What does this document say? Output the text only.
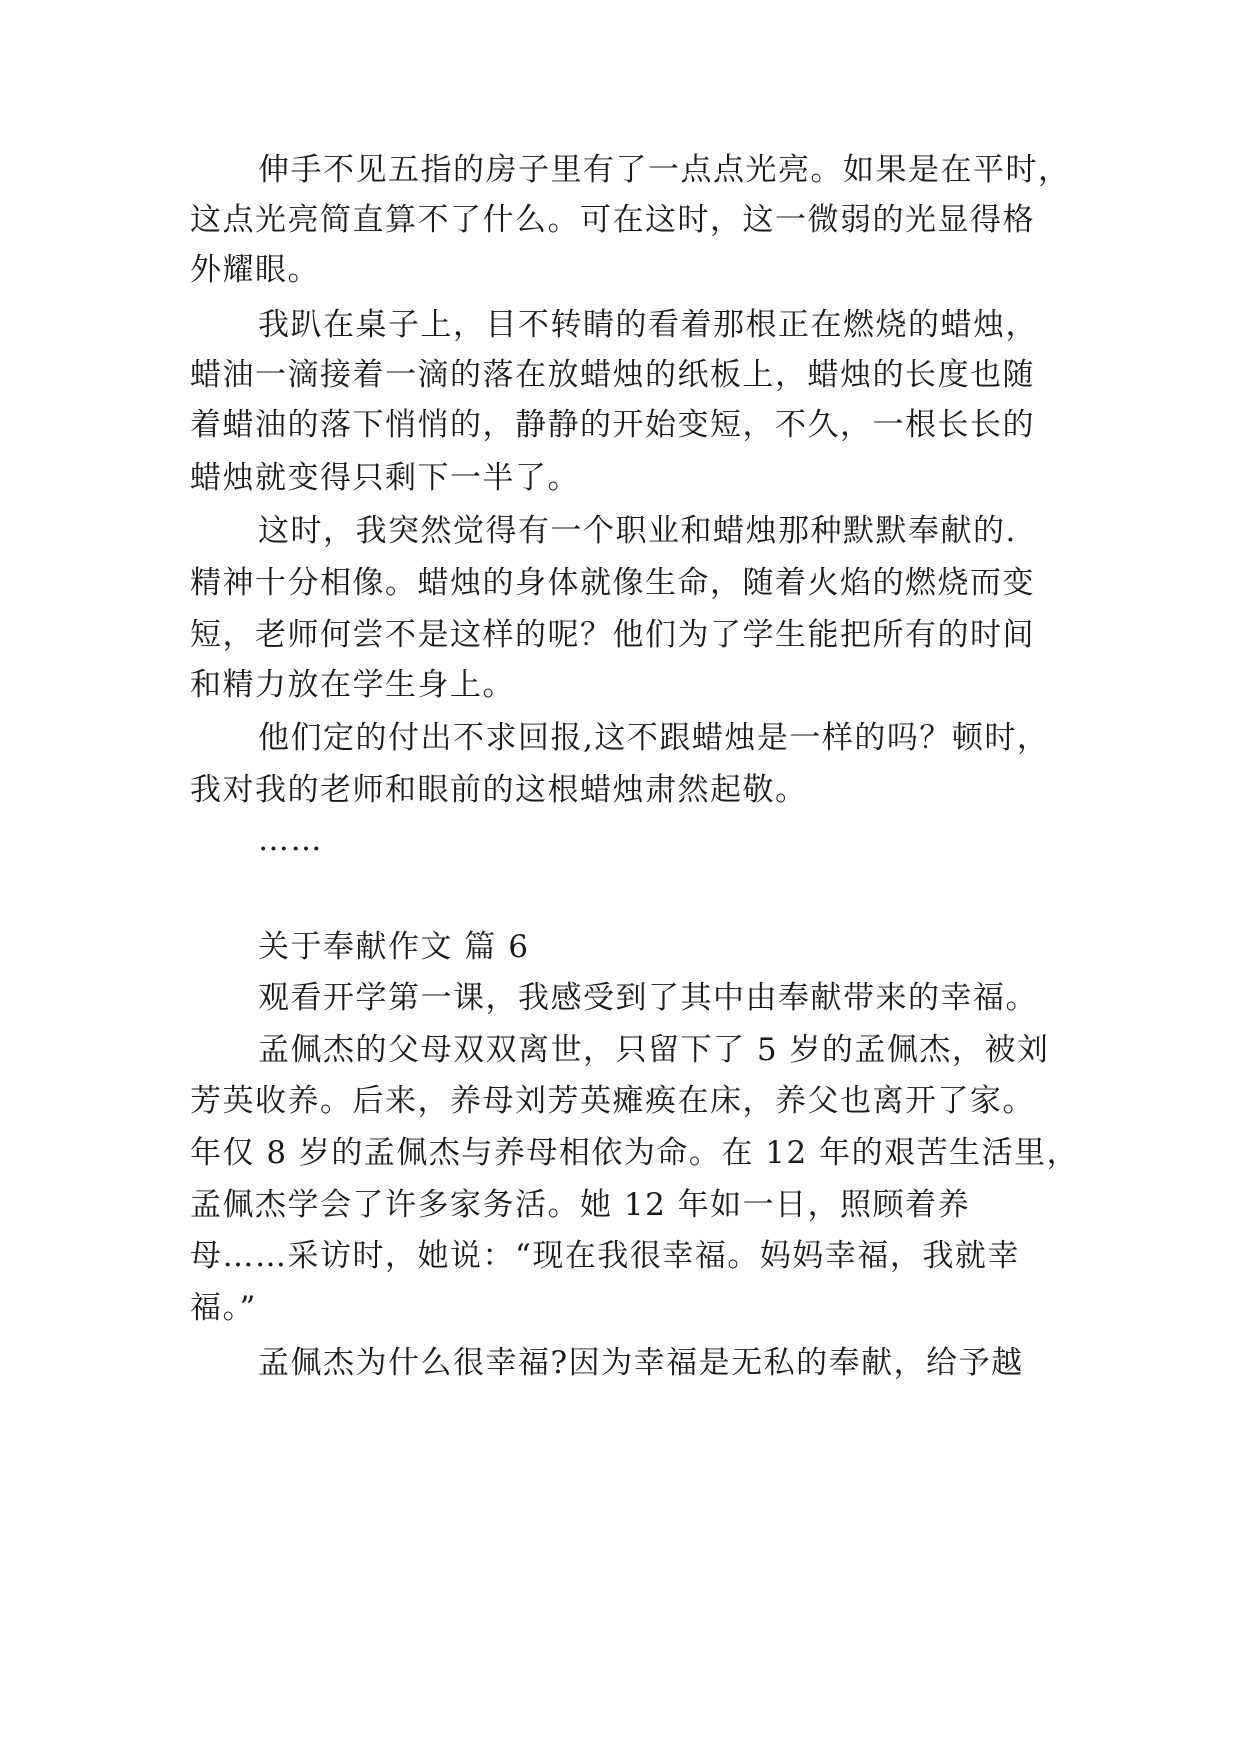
伸手不见五指的房子里有了一点点光亮。如果是在平时，
这点光亮简直算不了什么。可在这时，这一微弱的光显得格
外耀眼。
我趴在桌子上，目不转睛的看着那根正在燃烧的蜡烛，
蜡油一滴接着一滴的落在放蜡烛的纸板上，蜡烛的长度也随
着蜡油的落下悄悄的，静静的开始变短，不久，一根长长的
蜡烛就变得只剩下一半了。
这时，我突然觉得有一个职业和蜡烛那种默默奉献的.
精神十分相像。蜡烛的身体就像生命，随着火焰的燃烧而变
短，老师何尝不是这样的呢？他们为了学生能把所有的时间
和精力放在学生身上。
他们定的付出不求回报,这不跟蜡烛是一样的吗？顿时，
我对我的老师和眼前的这根蜡烛肃然起敬。
……
关于奉献作文 篇 6
观看开学第一课，我感受到了其中由奉献带来的幸福。
孟佩杰的父母双双离世，只留下了 5 岁的孟佩杰，被刘
芳英收养。后来，养母刘芳英瘫痪在床，养父也离开了家。
年仅 8 岁的孟佩杰与养母相依为命。在 12 年的艰苦生活里，
孟佩杰学会了许多家务活。她 12 年如一日，照顾着养
母……采访时，她说：“现在我很幸福。妈妈幸福，我就幸
福。”
孟佩杰为什么很幸福?因为幸福是无私的奉献，给予越
